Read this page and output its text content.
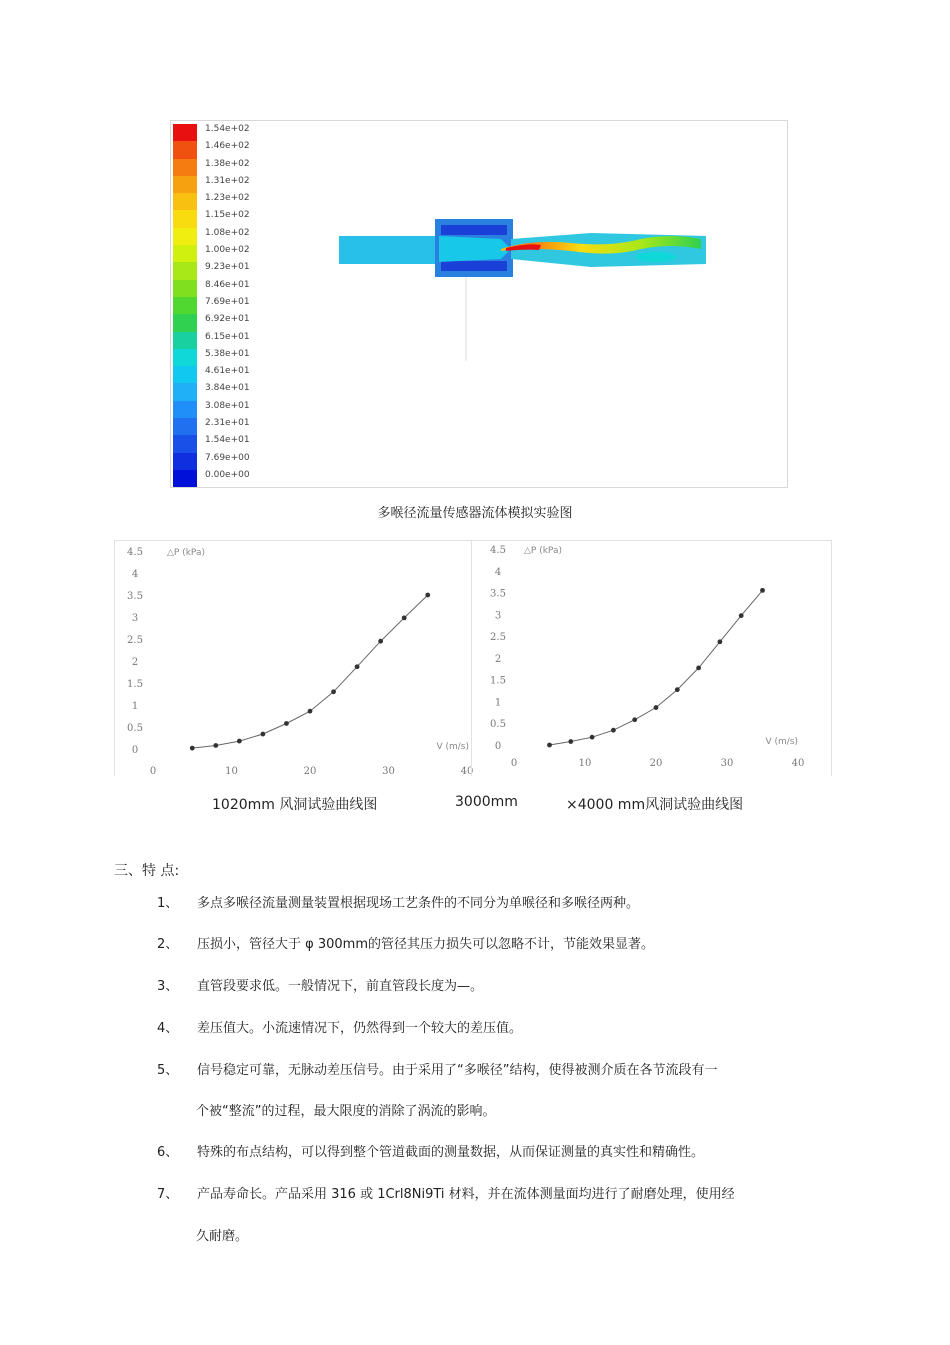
1.54e+02
1.46e+02
1.38e+02
1.31e+02
1.23e+02
1.15e+02
1.08e+02
1.00e+02
9.23e+01
8.46e+01
7.69e+01
6.92e+01
6.15e+01
5.38e+01
4.61e+01
3.84e+01
3.08e+01
2.31e+01
1.54e+01
7.69e+00
0.00e+00
多喉径流量传感器流体模拟实验图
4.5
4
3.5
3
2.5
2
1.5
1
0.5
0
0	10	20	30	40
△P (kPa)
V (m/s)
4.5
4
3.5
3
2.5
2
1.5
1
0.5
0
0	10	20	30	40
△P (kPa)
V (m/s)
1020mm 风洞试验曲线图	3000mm	×4000 mm风洞试验曲线图
三、特 点:
1、 多点多喉径流量测量装置根据现场工艺条件的不同分为单喉径和多喉径两种。
2、 压损小，管径大于 φ 300mm的管径其压力损失可以忽略不计，节能效果显著。
3、 直管段要求低。一般情况下，前直管段长度为—。
4、 差压值大。小流速情况下，仍然得到一个较大的差压值。
5、 信号稳定可靠，无脉动差压信号。由于采用了“多喉径”结构，使得被测介质在各节流段有一
个被“整流”的过程，最大限度的消除了涡流的影响。
6、 特殊的布点结构，可以得到整个管道截面的测量数据，从而保证测量的真实性和精确性。
7、 产品寿命长。产品采用 316 或 1Crl8Ni9Ti 材料，并在流体测量面均进行了耐磨处理，使用经
久耐磨。
